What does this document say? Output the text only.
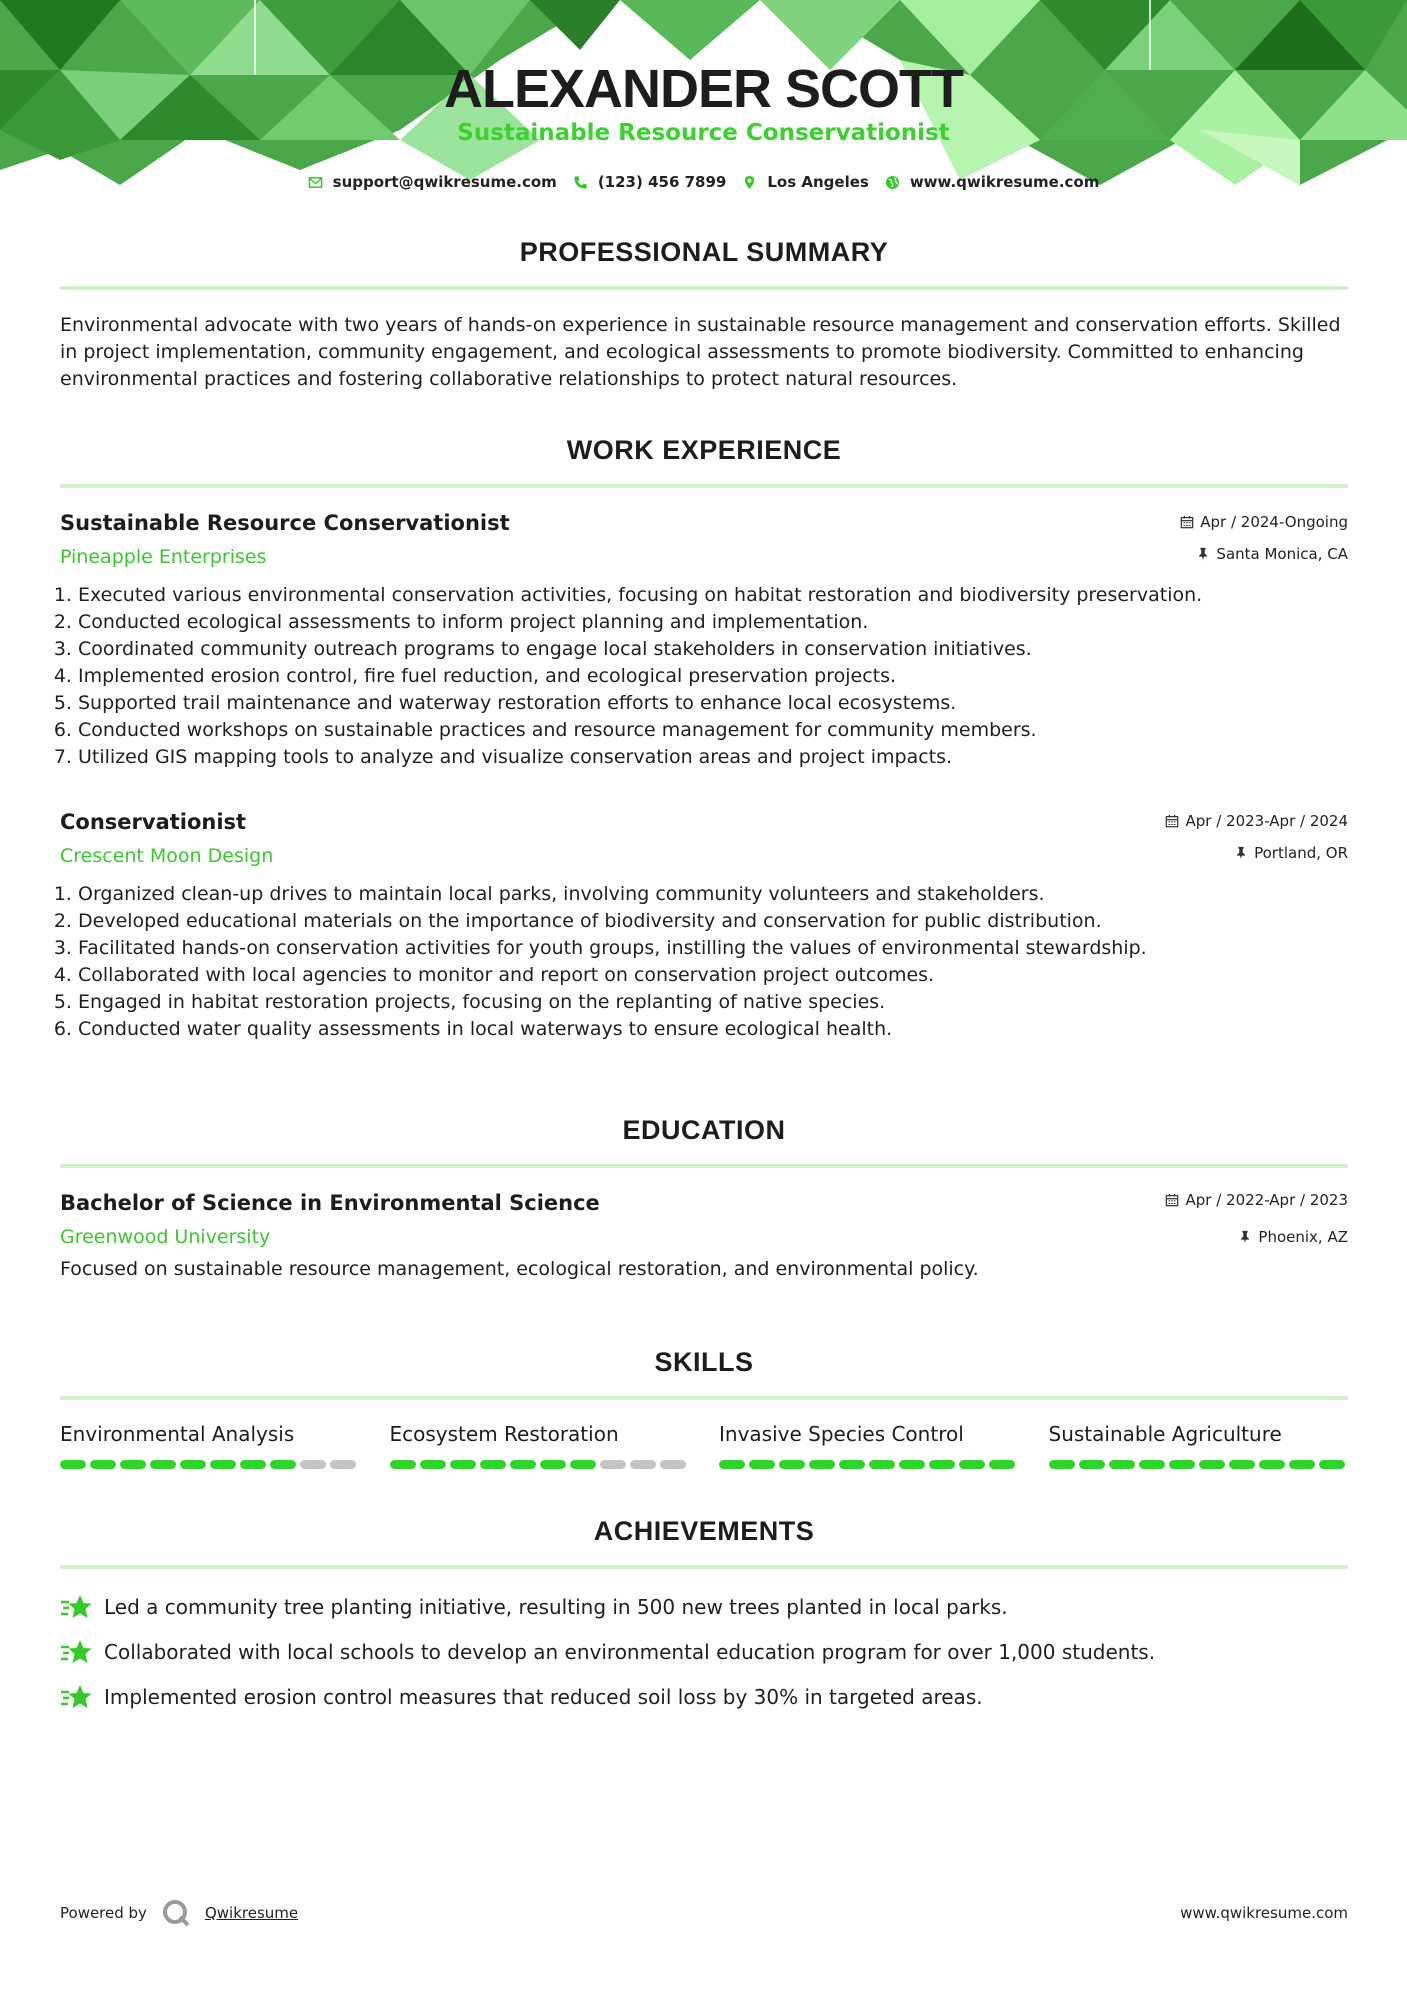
ALEXANDER SCOTT
Sustainable Resource Conservationist
support@qwikresume.com	(123) 456 7899	Los Angeles	www.qwikresume.com
PROFESSIONAL SUMMARY

Environmental advocate with two years of hands-on experience in sustainable resource management and conservation efforts. Skilled in project implementation, community engagement, and ecological assessments to promote biodiversity. Committed to enhancing environmental practices and fostering collaborative relationships to protect natural resources.

WORK EXPERIENCE
Sustainable Resource Conservationist	Apr / 2024-Ongoing
Pineapple Enterprises	Santa Monica, CA
1. Executed various environmental conservation activities, focusing on habitat restoration and biodiversity preservation.
2. Conducted ecological assessments to inform project planning and implementation.
3. Coordinated community outreach programs to engage local stakeholders in conservation initiatives.
4. Implemented erosion control, fire fuel reduction, and ecological preservation projects.
5. Supported trail maintenance and waterway restoration efforts to enhance local ecosystems.
6. Conducted workshops on sustainable practices and resource management for community members.
7. Utilized GIS mapping tools to analyze and visualize conservation areas and project impacts.
Conservationist	Apr / 2023-Apr / 2024
Crescent Moon Design	Portland, OR
1. Organized clean-up drives to maintain local parks, involving community volunteers and stakeholders.
2. Developed educational materials on the importance of biodiversity and conservation for public distribution.
3. Facilitated hands-on conservation activities for youth groups, instilling the values of environmental stewardship.
4. Collaborated with local agencies to monitor and report on conservation project outcomes.
5. Engaged in habitat restoration projects, focusing on the replanting of native species.
6. Conducted water quality assessments in local waterways to ensure ecological health.
EDUCATION
Bachelor of Science in Environmental Science	Apr / 2022-Apr / 2023
Greenwood University	Phoenix, AZ
Focused on sustainable resource management, ecological restoration, and environmental policy.
SKILLS
Environmental Analysis	Ecosystem Restoration	Invasive Species Control	Sustainable Agriculture
ACHIEVEMENTS
Led a community tree planting initiative, resulting in 500 new trees planted in local parks.
Collaborated with local schools to develop an environmental education program for over 1,000 students.
Implemented erosion control measures that reduced soil loss by 30% in targeted areas.
Powered by	Qwikresume	www.qwikresume.com
